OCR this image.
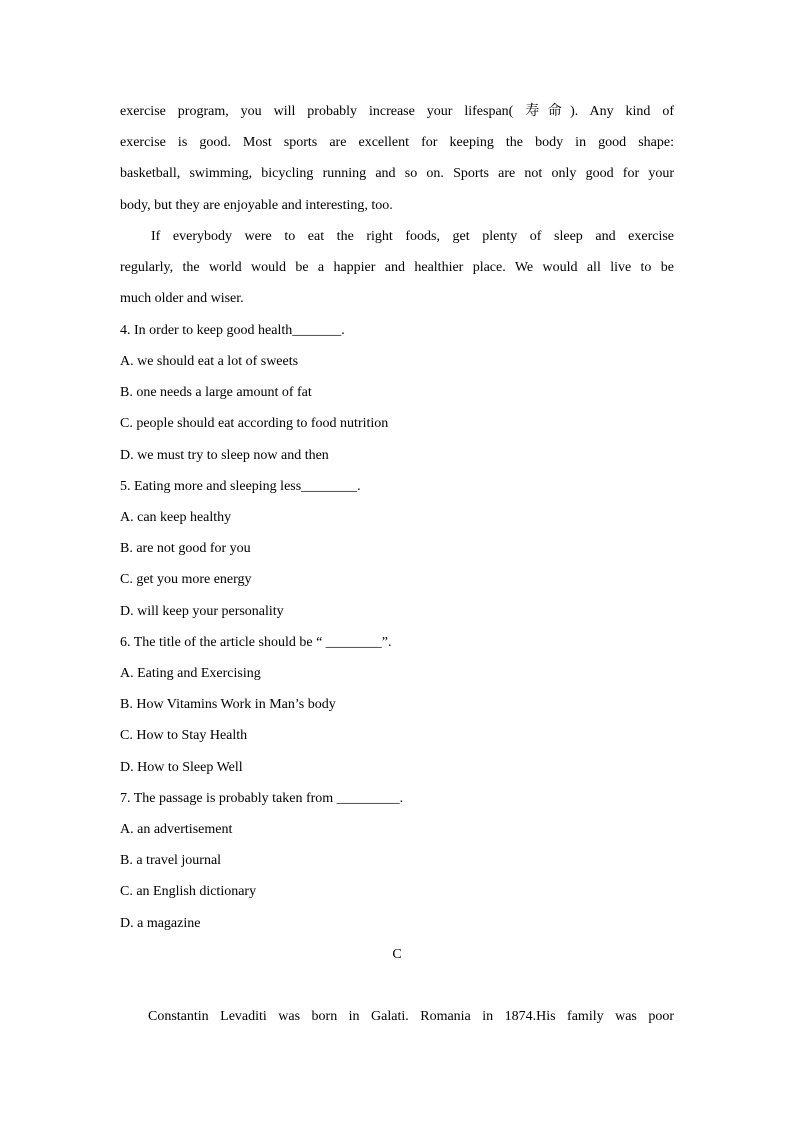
exercise program, you will probably increase your lifespan( 寿命). Any kind of
exercise is good. Most sports are excellent for keeping the body in good shape:
basketball, swimming, bicycling running and so on. Sports are not only good for your
body, but they are enjoyable and interesting, too.
If everybody were to eat the right foods, get plenty of sleep and exercise
regularly, the world would be a happier and healthier place. We would all live to be
much older and wiser.
4. In order to keep good health_______.
A. we should eat a lot of sweets
B. one needs a large amount of fat
C. people should eat according to food nutrition
D. we must try to sleep now and then
5. Eating more and sleeping less________.
A. can keep healthy
B. are not good for you
C. get you more energy
D. will keep your personality
6. The title of the article should be “ ________”.
A. Eating and Exercising
B. How Vitamins Work in Man’s body
C. How to Stay Health
D. How to Sleep Well
7. The passage is probably taken from _________.
A. an advertisement
B. a travel journal
C. an English dictionary
D. a magazine
C
Constantin Levaditi was born in Galati. Romania in 1874.His family was poor
